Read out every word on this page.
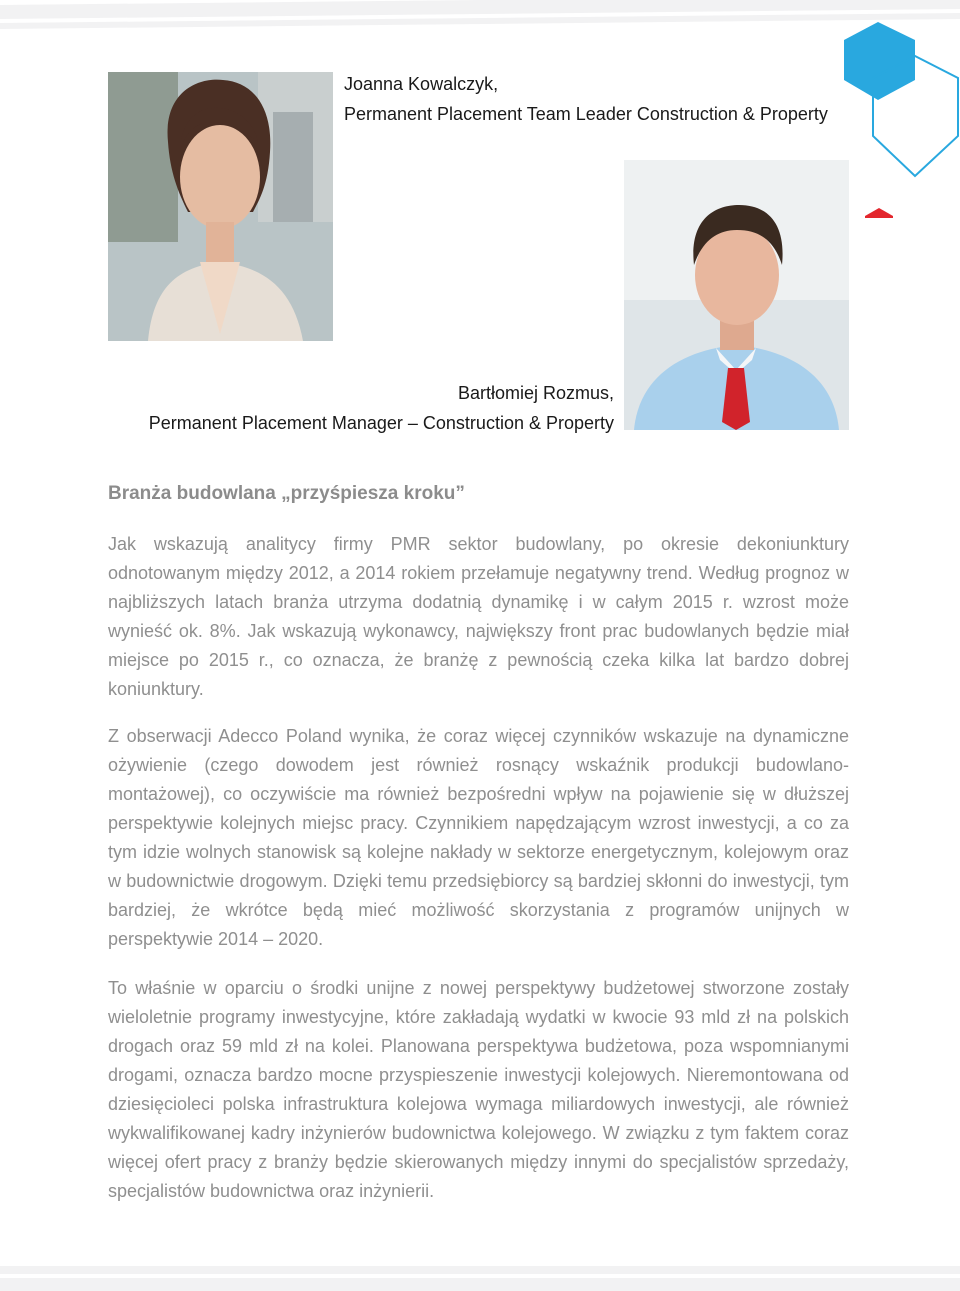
Joanna Kowalczyk,
Permanent Placement Team Leader Construction & Property
Bartłomiej Rozmus,
Permanent Placement Manager – Construction & Property
Branża budowlana „przyśpiesza kroku”

Jak wskazują analitycy firmy PMR sektor budowlany, po okresie dekoniunktury odnotowanym między 2012, a 2014 rokiem przełamuje negatywny trend. Według prognoz w najbliższych latach branża utrzyma dodatnią dynamikę i w całym 2015 r. wzrost może wynieść ok. 8%. Jak wskazują wykonawcy, największy front prac budowlanych będzie miał miejsce po 2015 r., co oznacza, że branżę z pewnością czeka kilka lat bardzo dobrej koniunktury.

Z obserwacji Adecco Poland wynika, że coraz więcej czynników wskazuje na dynamiczne ożywienie (czego dowodem jest również rosnący wskaźnik produkcji budowlano-montażowej), co oczywiście ma również bezpośredni wpływ na pojawienie się w dłuższej perspektywie kolejnych miejsc pracy. Czynnikiem napędzającym wzrost inwestycji, a co za tym idzie wolnych stanowisk są kolejne nakłady w sektorze energetycznym, kolejowym oraz w budownictwie drogowym. Dzięki temu przedsiębiorcy są bardziej skłonni do inwestycji, tym bardziej, że wkrótce będą mieć możliwość skorzystania z programów unijnych w perspektywie 2014 – 2020.

To właśnie w oparciu o środki unijne z nowej perspektywy budżetowej stworzone zostały wieloletnie programy inwestycyjne, które zakładają wydatki w kwocie 93 mld zł na polskich drogach oraz 59 mld zł na kolei. Planowana perspektywa budżetowa, poza wspomnianymi drogami, oznacza bardzo mocne przyspieszenie inwestycji kolejowych. Nieremontowana od dziesięcioleci polska infrastruktura kolejowa wymaga miliardowych inwestycji, ale również wykwalifikowanej kadry inżynierów budownictwa kolejowego. W związku z tym faktem coraz więcej ofert pracy z branży będzie skierowanych między innymi do specjalistów sprzedaży, specjalistów budownictwa oraz inżynierii.
